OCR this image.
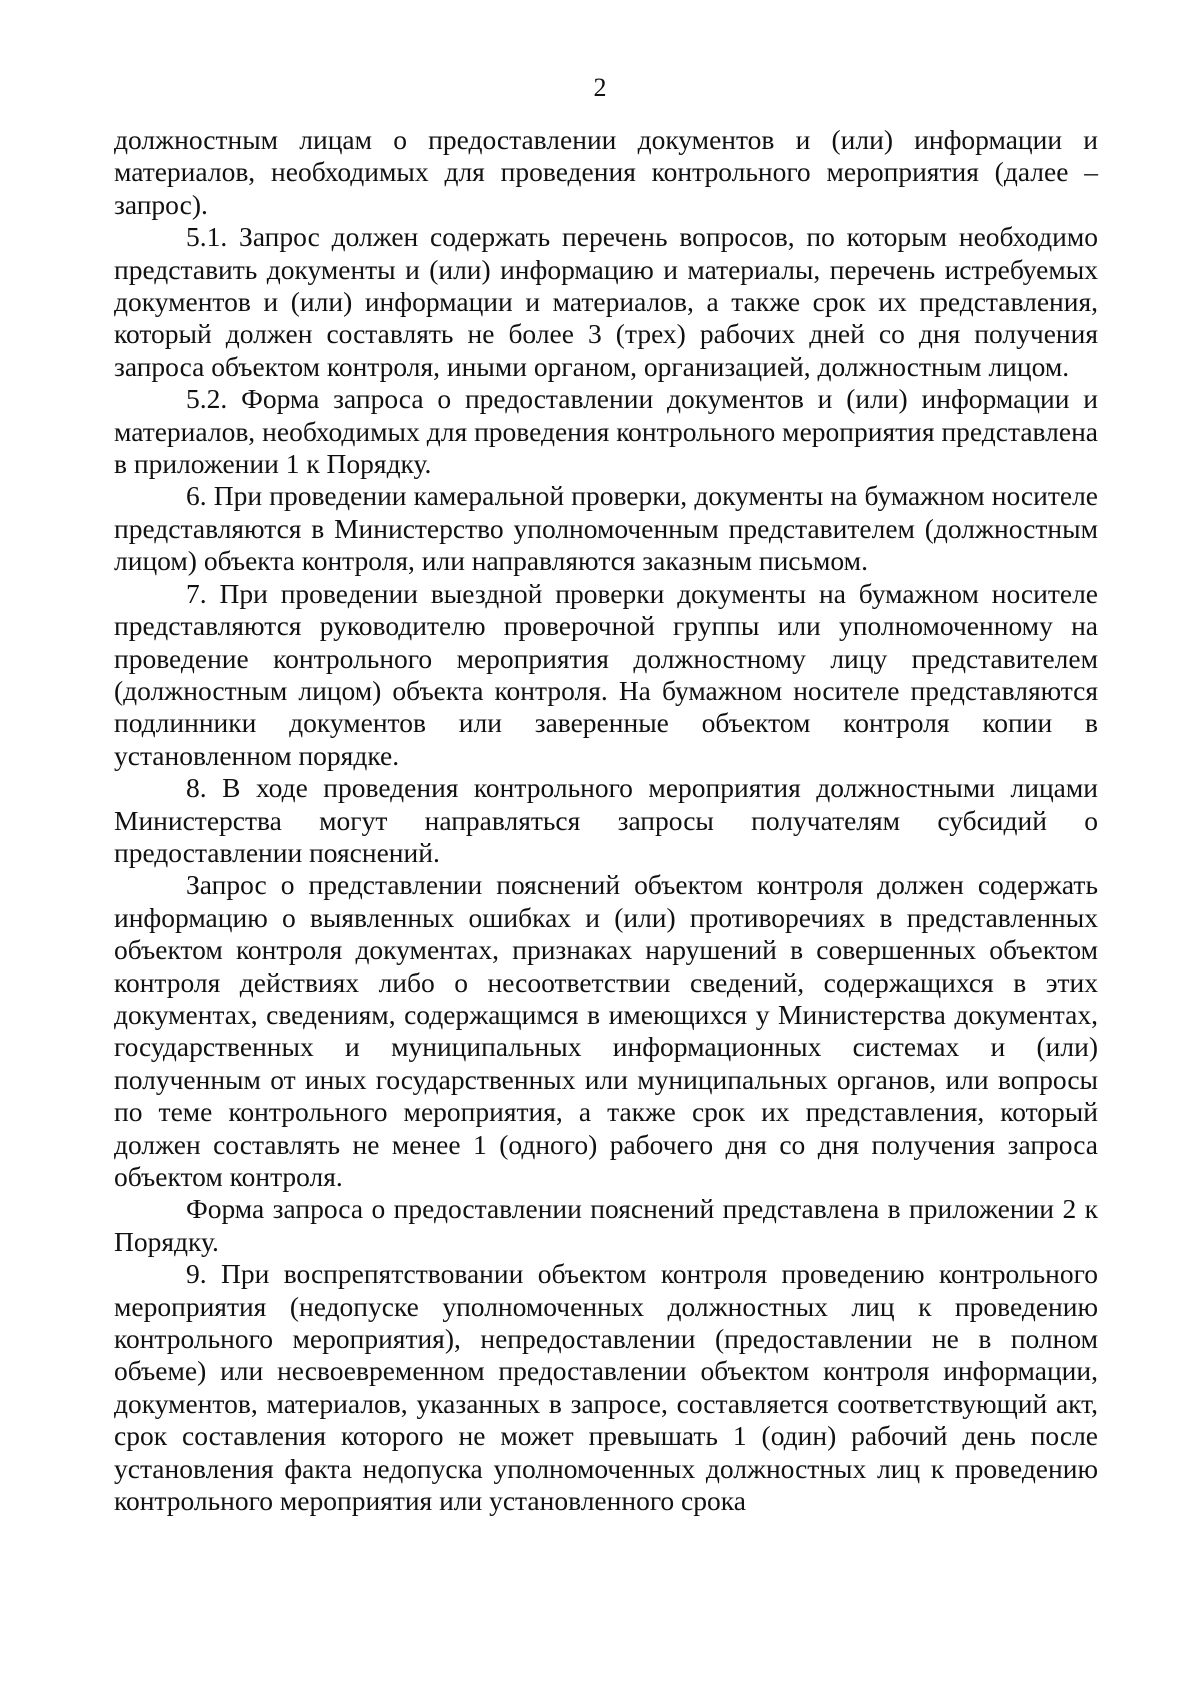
2

должностным лицам о предоставлении документов и (или) информации и материалов, необходимых для проведения контрольного мероприятия (далее – запрос).

5.1. Запрос должен содержать перечень вопросов, по которым необходимо представить документы и (или) информацию и материалы, перечень истребуемых документов и (или) информации и материалов, а также срок их представления, который должен составлять не более 3 (трех) рабочих дней со дня получения запроса объектом контроля, иными органом, организацией, должностным лицом.

5.2. Форма запроса о предоставлении документов и (или) информации и материалов, необходимых для проведения контрольного мероприятия представлена в приложении 1 к Порядку.

6. При проведении камеральной проверки, документы на бумажном носителе представляются в Министерство уполномоченным представителем (должностным лицом) объекта контроля, или направляются заказным письмом.

7. При проведении выездной проверки документы на бумажном носителе представляются руководителю проверочной группы или уполномоченному на проведение контрольного мероприятия должностному лицу представителем (должностным лицом) объекта контроля. На бумажном носителе представляются подлинники документов или заверенные объектом контроля копии в установленном порядке.

8. В ходе проведения контрольного мероприятия должностными лицами Министерства могут направляться запросы получателям субсидий о предоставлении пояснений.

Запрос о представлении пояснений объектом контроля должен содержать информацию о выявленных ошибках и (или) противоречиях в представленных объектом контроля документах, признаках нарушений в совершенных объектом контроля действиях либо о несоответствии сведений, содержащихся в этих документах, сведениям, содержащимся в имеющихся у Министерства документах, государственных и муниципальных информационных системах и (или) полученным от иных государственных или муниципальных органов, или вопросы по теме контрольного мероприятия, а также срок их представления, который должен составлять не менее 1 (одного) рабочего дня со дня получения запроса объектом контроля.

Форма запроса о предоставлении пояснений представлена в приложении 2 к Порядку.

9. При воспрепятствовании объектом контроля проведению контрольного мероприятия (недопуске уполномоченных должностных лиц к проведению контрольного мероприятия), непредоставлении (предоставлении не в полном объеме) или несвоевременном предоставлении объектом контроля информации, документов, материалов, указанных в запросе, составляется соответствующий акт, срок составления которого не может превышать 1 (один) рабочий день после установления факта недопуска уполномоченных должностных лиц к проведению контрольного мероприятия или установленного срока
